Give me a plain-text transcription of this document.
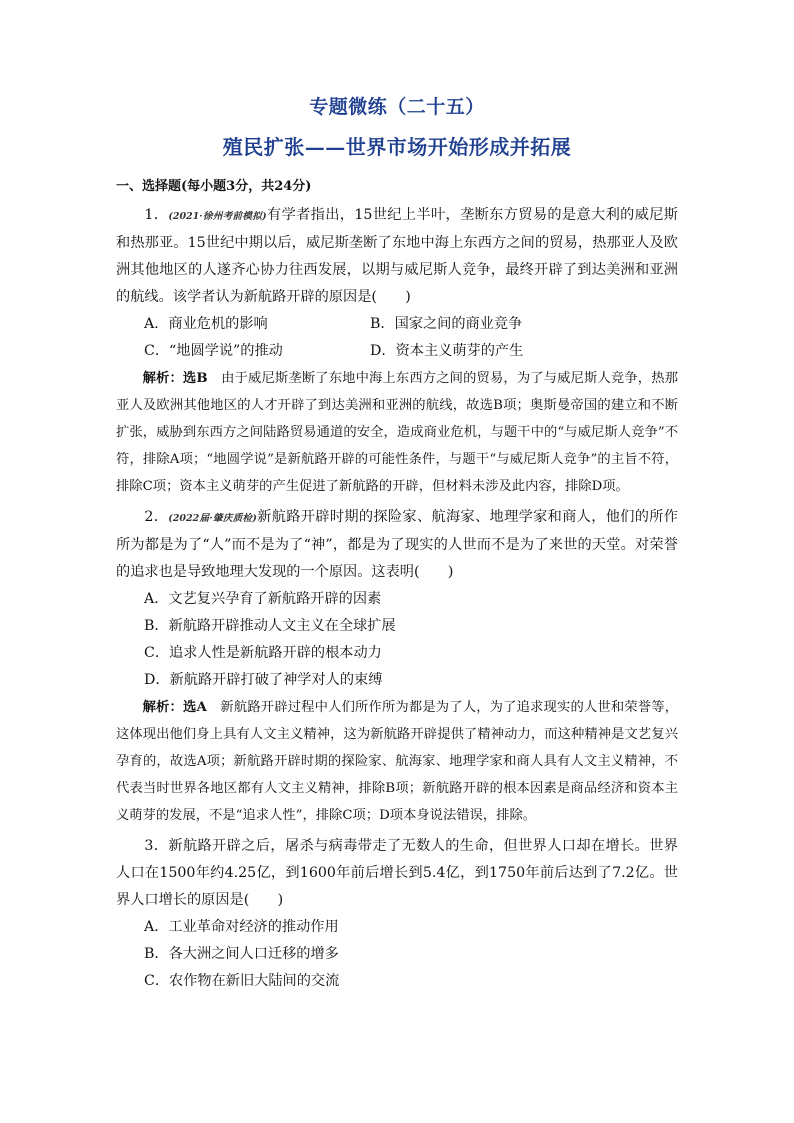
专题微练（二十五）
殖民扩张——世界市场开始形成并拓展
一、选择题(每小题3分，共24分)

1．(2021·徐州考前模拟)有学者指出，15世纪上半叶，垄断东方贸易的是意大利的威尼斯和热那亚。15世纪中期以后，威尼斯垄断了东地中海上东西方之间的贸易，热那亚人及欧洲其他地区的人遂齐心协力往西发展，以期与威尼斯人竞争，最终开辟了到达美洲和亚洲的航线。该学者认为新航路开辟的原因是(　　)

A．商业危机的影响	B．国家之间的商业竞争
C．“地圆学说”的推动	D．资本主义萌芽的产生

解析：选B　由于威尼斯垄断了东地中海上东西方之间的贸易，为了与威尼斯人竞争，热那亚人及欧洲其他地区的人才开辟了到达美洲和亚洲的航线，故选B项；奥斯曼帝国的建立和不断扩张，威胁到东西方之间陆路贸易通道的安全，造成商业危机，与题干中的“与威尼斯人竞争”不符，排除A项；“地圆学说”是新航路开辟的可能性条件，与题干“与威尼斯人竞争”的主旨不符，排除C项；资本主义萌芽的产生促进了新航路的开辟，但材料未涉及此内容，排除D项。

2．(2022届·肇庆质检)新航路开辟时期的探险家、航海家、地理学家和商人，他们的所作所为都是为了“人”而不是为了“神”，都是为了现实的人世而不是为了来世的天堂。对荣誉的追求也是导致地理大发现的一个原因。这表明(　　)

A．文艺复兴孕育了新航路开辟的因素
B．新航路开辟推动人文主义在全球扩展
C．追求人性是新航路开辟的根本动力
D．新航路开辟打破了神学对人的束缚

解析：选A　新航路开辟过程中人们所作所为都是为了人，为了追求现实的人世和荣誉等，这体现出他们身上具有人文主义精神，这为新航路开辟提供了精神动力，而这种精神是文艺复兴孕育的，故选A项；新航路开辟时期的探险家、航海家、地理学家和商人具有人文主义精神，不代表当时世界各地区都有人文主义精神，排除B项；新航路开辟的根本因素是商品经济和资本主义萌芽的发展，不是“追求人性”，排除C项；D项本身说法错误，排除。

3．新航路开辟之后，屠杀与病毒带走了无数人的生命，但世界人口却在增长。世界人口在1500年约4.25亿，到1600年前后增长到5.4亿，到1750年前后达到了7.2亿。世界人口增长的原因是(　　)

A．工业革命对经济的推动作用
B．各大洲之间人口迁移的增多
C．农作物在新旧大陆间的交流
